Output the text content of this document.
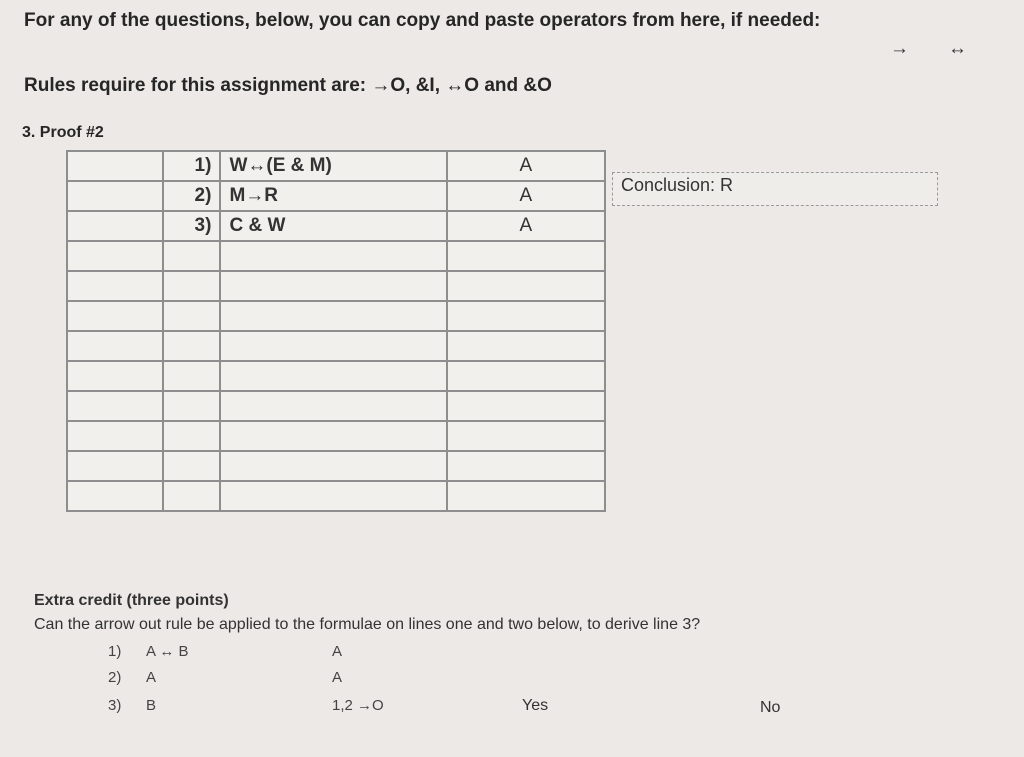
For any of the questions, below, you can copy and paste operators from here, if needed:
→ ↔
Rules require for this assignment are: →O, &I, ↔O and &O
3. Proof #2
	1)	W↔(E & M)	A
	2)	M→R	A
	3)	C & W	A

Conclusion: R
Extra credit (three points)
Can the arrow out rule be applied to the formulae on lines one and two below, to derive line 3?
1) A ↔ B	A
2) A	A
3) B	1,2 →O	Yes	No
